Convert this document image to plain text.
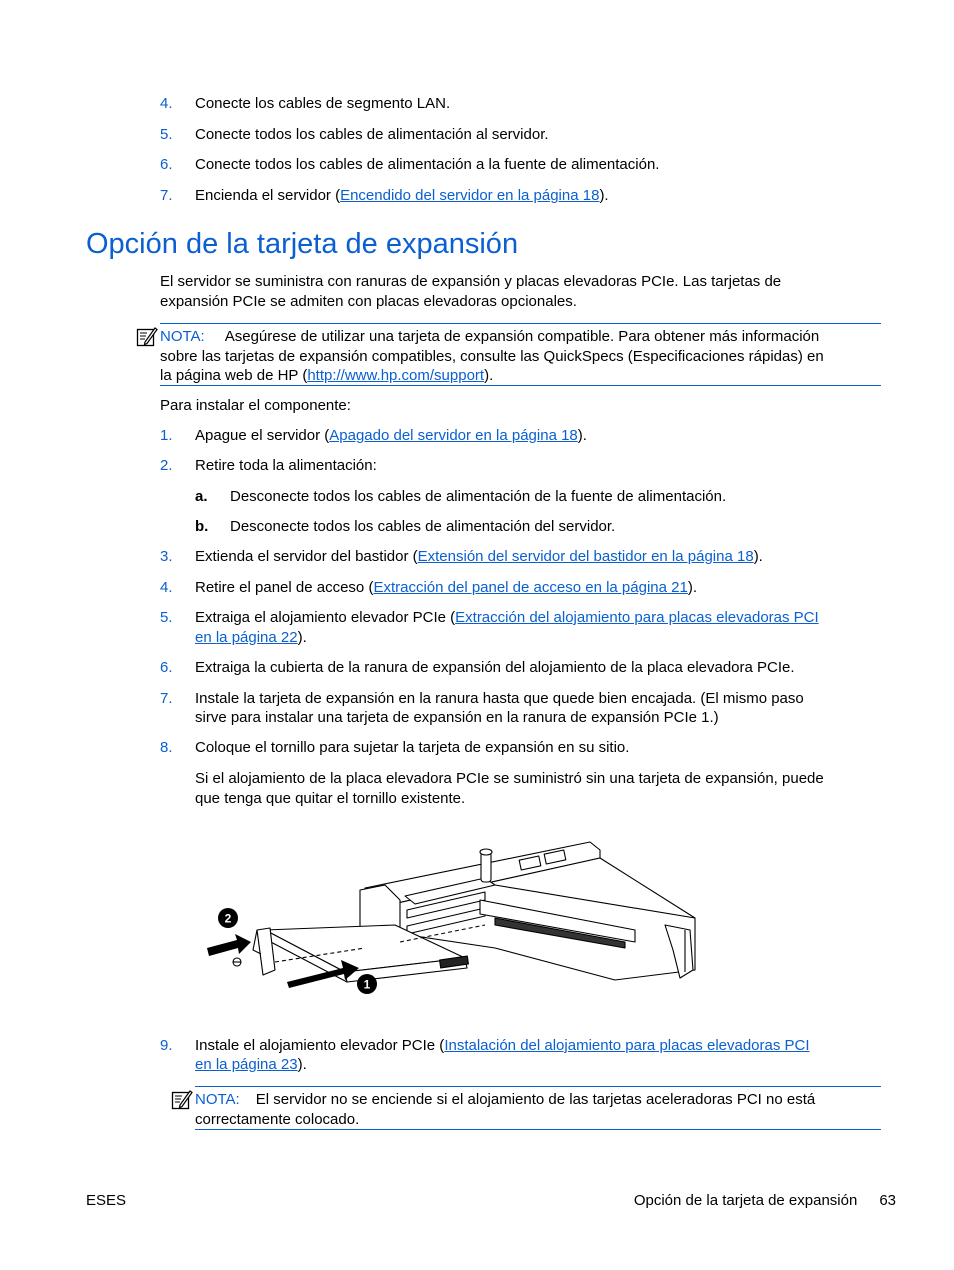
4.	Conecte los cables de segmento LAN.
5.	Conecte todos los cables de alimentación al servidor.
6.	Conecte todos los cables de alimentación a la fuente de alimentación.
7.	Encienda el servidor (Encendido del servidor en la página 18).
Opción de la tarjeta de expansión
El servidor se suministra con ranuras de expansión y placas elevadoras PCIe. Las tarjetas de
expansión PCIe se admiten con placas elevadoras opcionales.
NOTA: Asegúrese de utilizar una tarjeta de expansión compatible. Para obtener más información
sobre las tarjetas de expansión compatibles, consulte las QuickSpecs (Especificaciones rápidas) en
la página web de HP (http://www.hp.com/support).
Para instalar el componente:
1.	Apague el servidor (Apagado del servidor en la página 18).
2.	Retire toda la alimentación:
a. Desconecte todos los cables de alimentación de la fuente de alimentación.
b. Desconecte todos los cables de alimentación del servidor.
3.	Extienda el servidor del bastidor (Extensión del servidor del bastidor en la página 18).
4.	Retire el panel de acceso (Extracción del panel de acceso en la página 21).
5.	Extraiga el alojamiento elevador PCIe (Extracción del alojamiento para placas elevadoras PCI
en la página 22).
6.	Extraiga la cubierta de la ranura de expansión del alojamiento de la placa elevadora PCIe.
7.	Instale la tarjeta de expansión en la ranura hasta que quede bien encajada. (El mismo paso
sirve para instalar una tarjeta de expansión en la ranura de expansión PCIe 1.)
8.	Coloque el tornillo para sujetar la tarjeta de expansión en su sitio.
Si el alojamiento de la placa elevadora PCIe se suministró sin una tarjeta de expansión, puede
que tenga que quitar el tornillo existente.
2
1
9.	Instale el alojamiento elevador PCIe (Instalación del alojamiento para placas elevadoras PCI
en la página 23).
NOTA: El servidor no se enciende si el alojamiento de las tarjetas aceleradoras PCI no está
correctamente colocado.
ESES	Opción de la tarjeta de expansión 63
